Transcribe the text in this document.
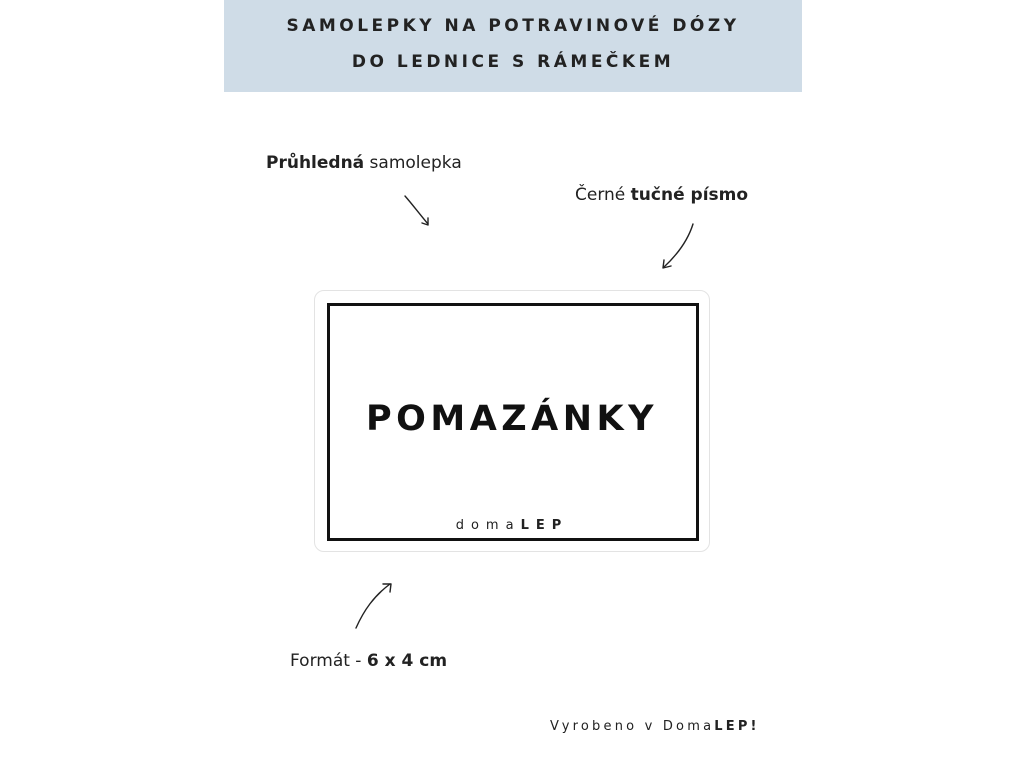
SAMOLEPKY NA POTRAVINOVÉ DÓZY
DO LEDNICE S RÁMEČKEM
Průhledná samolepka
Černé tučné písmo
POMAZÁNKY
domaLEP
Formát - 6 x 4 cm
Vyrobeno v DomaLEP!
